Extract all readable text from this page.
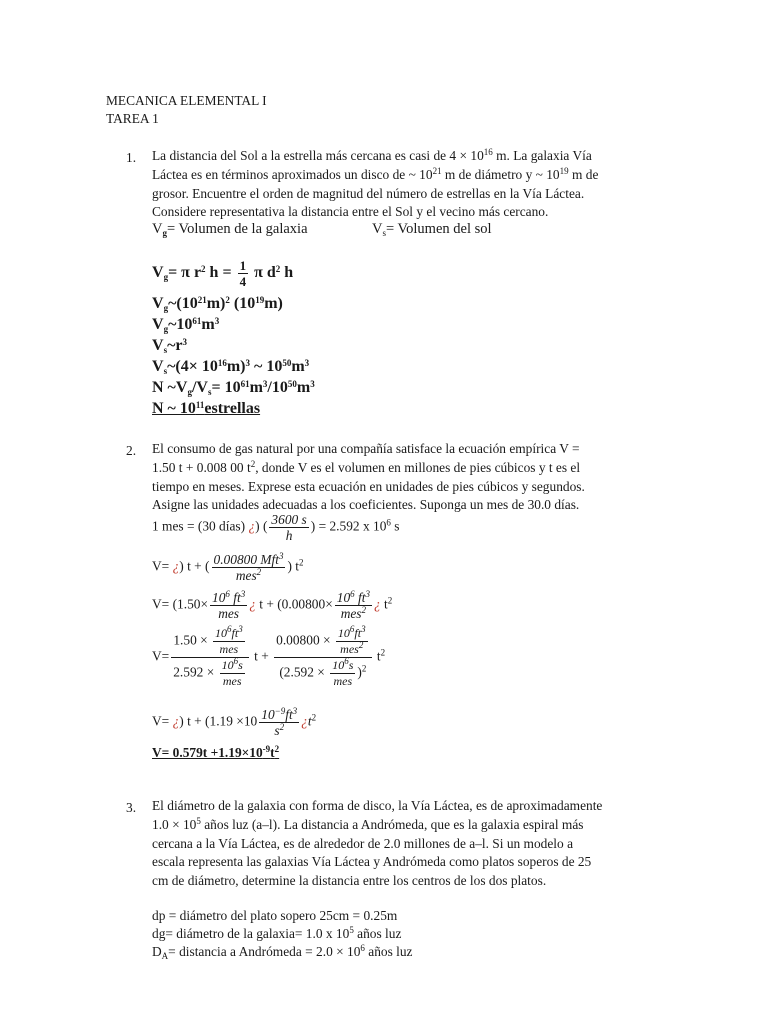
MECANICA ELEMENTAL I
TAREA 1
1. La distancia del Sol a la estrella más cercana es casi de $4 \times 10^{16}$ m. La galaxia Vía
Láctea es en términos aproximados un disco de ~ $10^{21}$ m de diámetro y ~ $10^{19}$ m de
grosor. Encuentre el orden de magnitud del número de estrellas en la Vía Láctea.
Considere representativa la distancia entre el Sol y el vecino más cercano.
$V_g=$ Volumen de la galaxia	$V_s=$ Volumen del sol
$V_g= \pi$ $r^2$ $h = \frac{1}{4}$ π $d^2$ h
$V_g\sim(10^{21}m)^2$ $(10^{19}m)$
$V_g\sim 10^{61}m^3$
$V_s\sim r^3$
$V_s\sim(4\times 10^{16}m)^3$ ~ $10^{50}m^3$
N $\sim V_g/V_s= 10^{61}m^3/10^{50}m^3$
N ~ $10^{11}estrellas$
2. El consumo de gas natural por una compañía satisface la ecuación empírica V =
1.50 t + 0.008 00 $t^2$, donde V es el volumen en millones de pies cúbicos y t es el
tiempo en meses. Exprese esta ecuación en unidades de pies cúbicos y segundos.
Asigne las unidades adecuadas a los coeficientes. Suponga un mes de 30.0 días.
1 mes = (30 días) ¿) ( $\frac{3600 s}{h}$ ) = 2.592 x $10^6$ s
V= ¿) t + ( $\frac{0.00800 Mft^3}{mes^2}$ ) $t^2$
$V= (1.50\times \frac{10^6 ft^3}{\text{mes}}$ ¿ $t + (0.00800\times \frac{10^6 ft^3}{mes^2}$ ¿ $t^2$
$V= \frac{1.50 \times \frac{10^6ft^3}{\text{mes}}}{2.592 \times \frac{10^6s}{\text{mes}}}$ $t + \frac{0.00800 \times \frac{10^6ft^3}{mes^2}}{(2.592 \times \frac{10^6s}{\text{mes}} )^2} t^2$
V= ¿) $t + (1.19 \times 10 \frac{10^{-9}ft^3}{s^2}$ ¿$t^2$
$V= 0.579t +1.19\times 10^{-9}t^2$
3. El diámetro de la galaxia con forma de disco, la Vía Láctea, es de aproximadamente
$1.0 \times 10^5$ años luz (a–l). La distancia a Andrómeda, que es la galaxia espiral más
cercana a la Vía Láctea, es de alrededor de 2.0 millones de a–l. Si un modelo a
escala representa las galaxias Vía Láctea y Andrómeda como platos soperos de 25
cm de diámetro, determine la distancia entre los centros de los dos platos.
dp = diámetro del plato sopero 25cm = 0.25m
dg= diámetro de la galaxia= 1.0 x $10^5$ años luz
$D_A=$ distancia a Andrómeda = $2.0 \times 10^6$ años luz
